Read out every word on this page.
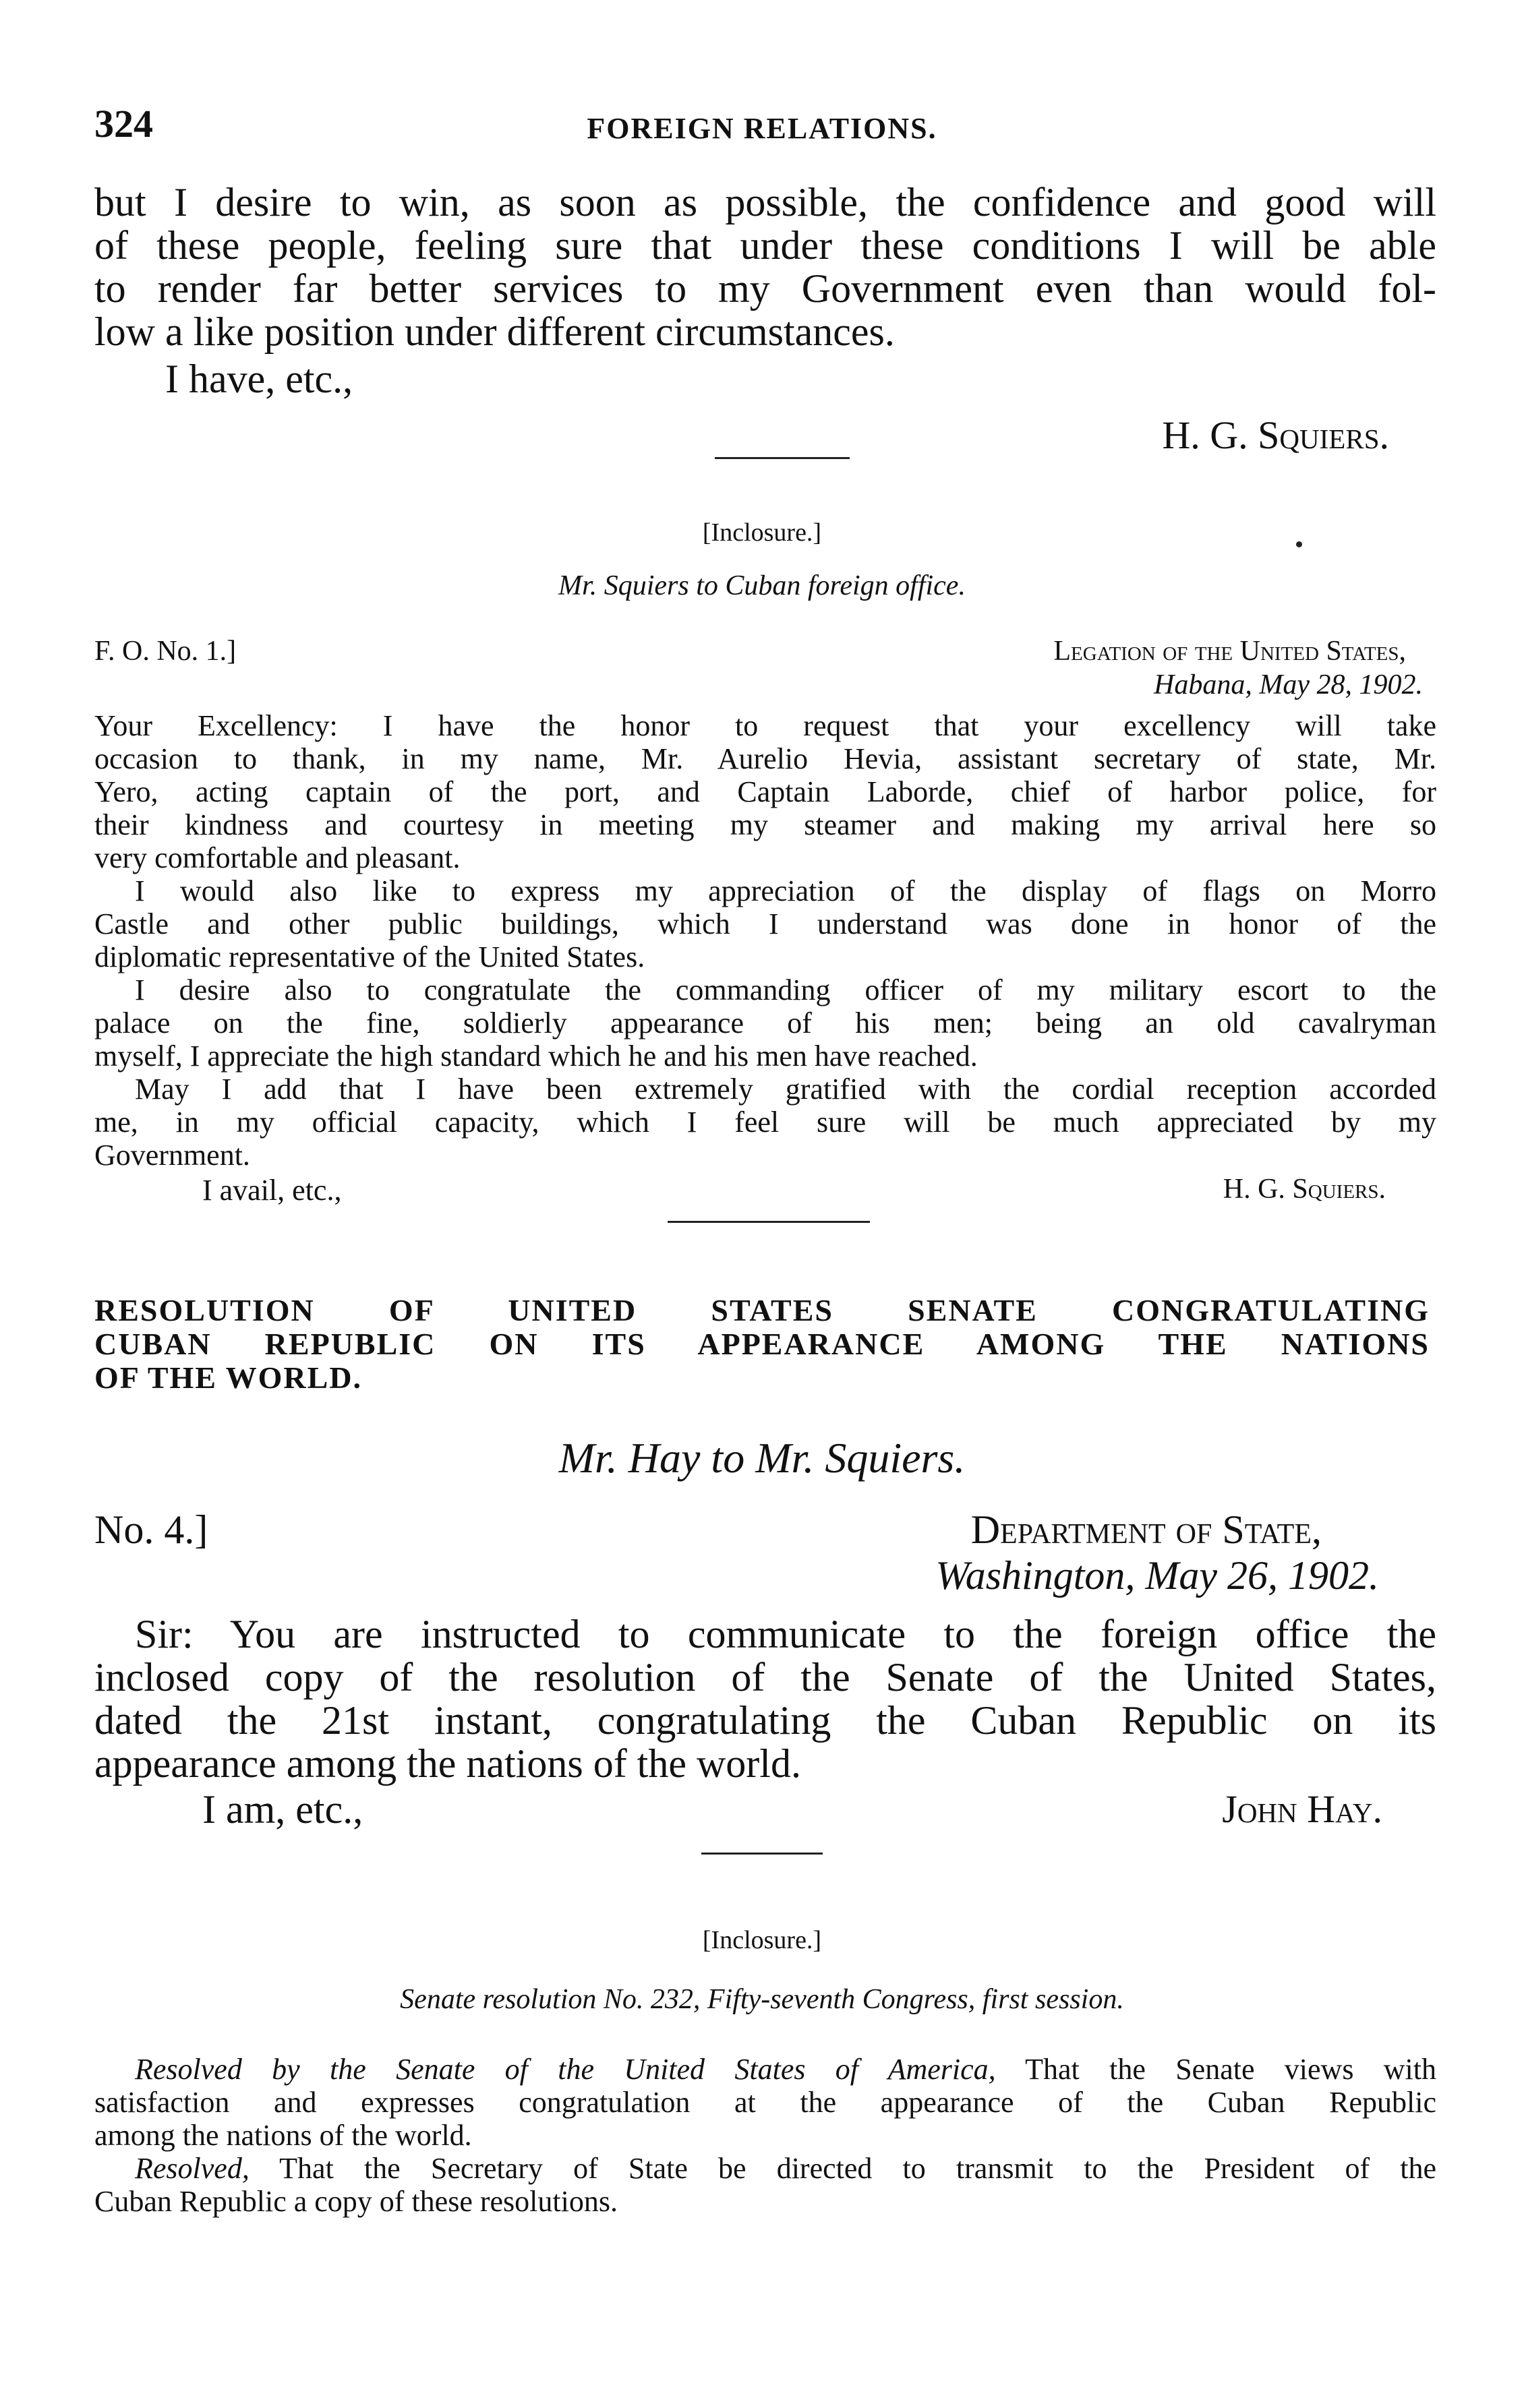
324	FOREIGN RELATIONS.
but I desire to win, as soon as possible, the confidence and good will
of these people, feeling sure that under these conditions I will be able
to render far better services to my Government even than would fol-
low a like position under different circumstances.
I have, etc.,
H. G. Squiers.
[Inclosure.]
Mr. Squiers to Cuban foreign office.
F. O. No. 1.]	Legation of the United States,
Habana, May 28, 1902.
Your Excellency: I have the honor to request that your excellency will take
occasion to thank, in my name, Mr. Aurelio Hevia, assistant secretary of state, Mr.
Yero, acting captain of the port, and Captain Laborde, chief of harbor police, for
their kindness and courtesy in meeting my steamer and making my arrival here so
very comfortable and pleasant.
I would also like to express my appreciation of the display of flags on Morro
Castle and other public buildings, which I understand was done in honor of the
diplomatic representative of the United States.
I desire also to congratulate the commanding officer of my military escort to the
palace on the fine, soldierly appearance of his men; being an old cavalryman
myself, I appreciate the high standard which he and his men have reached.
May I add that I have been extremely gratified with the cordial reception accorded
me, in my official capacity, which I feel sure will be much appreciated by my
Government.
I avail, etc.,	H. G. Squiers.
RESOLUTION OF UNITED STATES SENATE CONGRATULATING
CUBAN REPUBLIC ON ITS APPEARANCE AMONG THE NATIONS
OF THE WORLD.
Mr. Hay to Mr. Squiers.
No. 4.]	Department of State,
Washington, May 26, 1902.
Sir: You are instructed to communicate to the foreign office the
inclosed copy of the resolution of the Senate of the United States,
dated the 21st instant, congratulating the Cuban Republic on its
appearance among the nations of the world.
I am, etc.,	John Hay.
[Inclosure.]
Senate resolution No. 232, Fifty-seventh Congress, first session.
Resolved by the Senate of the United States of America, That the Senate views with
satisfaction and expresses congratulation at the appearance of the Cuban Republic
among the nations of the world.
Resolved, That the Secretary of State be directed to transmit to the President of the
Cuban Republic a copy of these resolutions.
